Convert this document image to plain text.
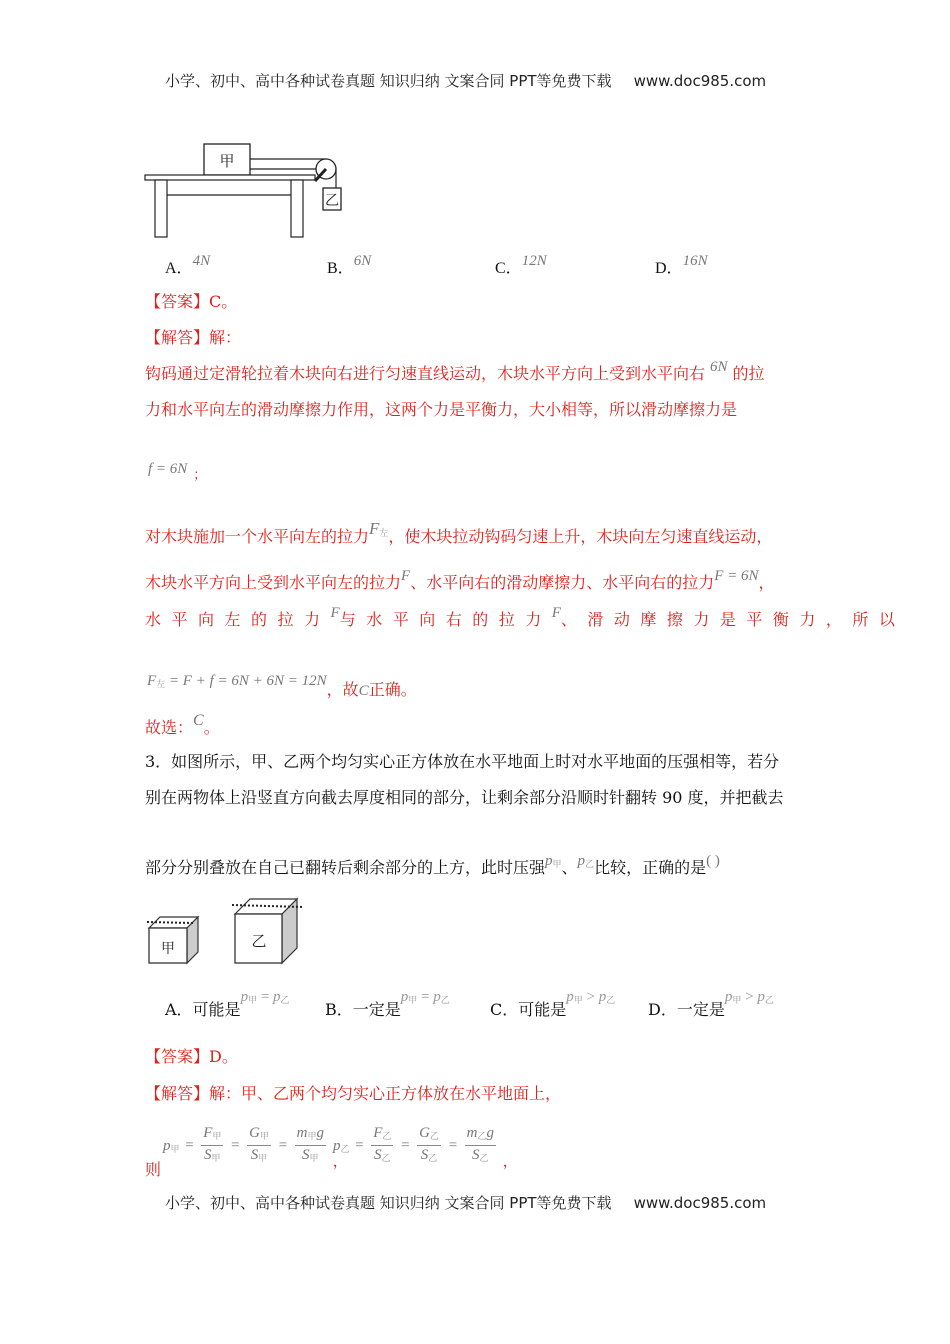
小学、初中、高中各种试卷真题 知识归纳 文案合同 PPT等免费下载 www.doc985.com
甲
乙
A．4N	B．6N	C．12N	D．16N
【答案】C。
【解答】解：
钩码通过定滑轮拉着木块向右进行匀速直线运动，木块水平方向上受到水平向右 6N 的拉
力和水平向左的滑动摩擦力作用，这两个力是平衡力，大小相等，所以滑动摩擦力是
f = 6N $_;$
对木块施加一个水平向左的拉力$F_左$，使木块拉动钩码匀速上升，木块向左匀速直线运动，
木块水平方向上受到水平向左的拉力F、水平向右的滑动摩擦力、水平向右的拉力F = 6N，
水平向左的拉力F与水平向右的拉力F、滑动摩擦力是平衡力，所以
$F_左 = F + f = 6N + 6N = 12N$，故C正确。
故选：C。
3．如图所示，甲、乙两个均匀实心正方体放在水平地面上时对水平地面的压强相等，若分
别在两物体上沿竖直方向截去厚度相同的部分，让剩余部分沿顺时针翻转 90 度，并把截去
部分分别叠放在自己已翻转后剩余部分的上方，此时压强$p_甲$、$p_乙$比较，正确的是( )
甲	乙
A．可能是$p_甲 = p_乙$ B．一定是$p_甲 = p_乙$	C．可能是$p_甲 > p_乙$ D．一定是$p_甲 > p_乙$
【答案】D。
【解答】解：甲、乙两个均匀实心正方体放在水平地面上，
则
$p_甲 = \frac{F_甲}{S_甲} = \frac{G_甲}{S_甲} = \frac{m_甲g}{S_甲}$ ，
$p_乙 = \frac{F_乙}{S_乙} = \frac{G_乙}{S_乙} = \frac{m_乙g}{S_乙}$ ，
小学、初中、高中各种试卷真题 知识归纳 文案合同 PPT等免费下载 www.doc985.com
